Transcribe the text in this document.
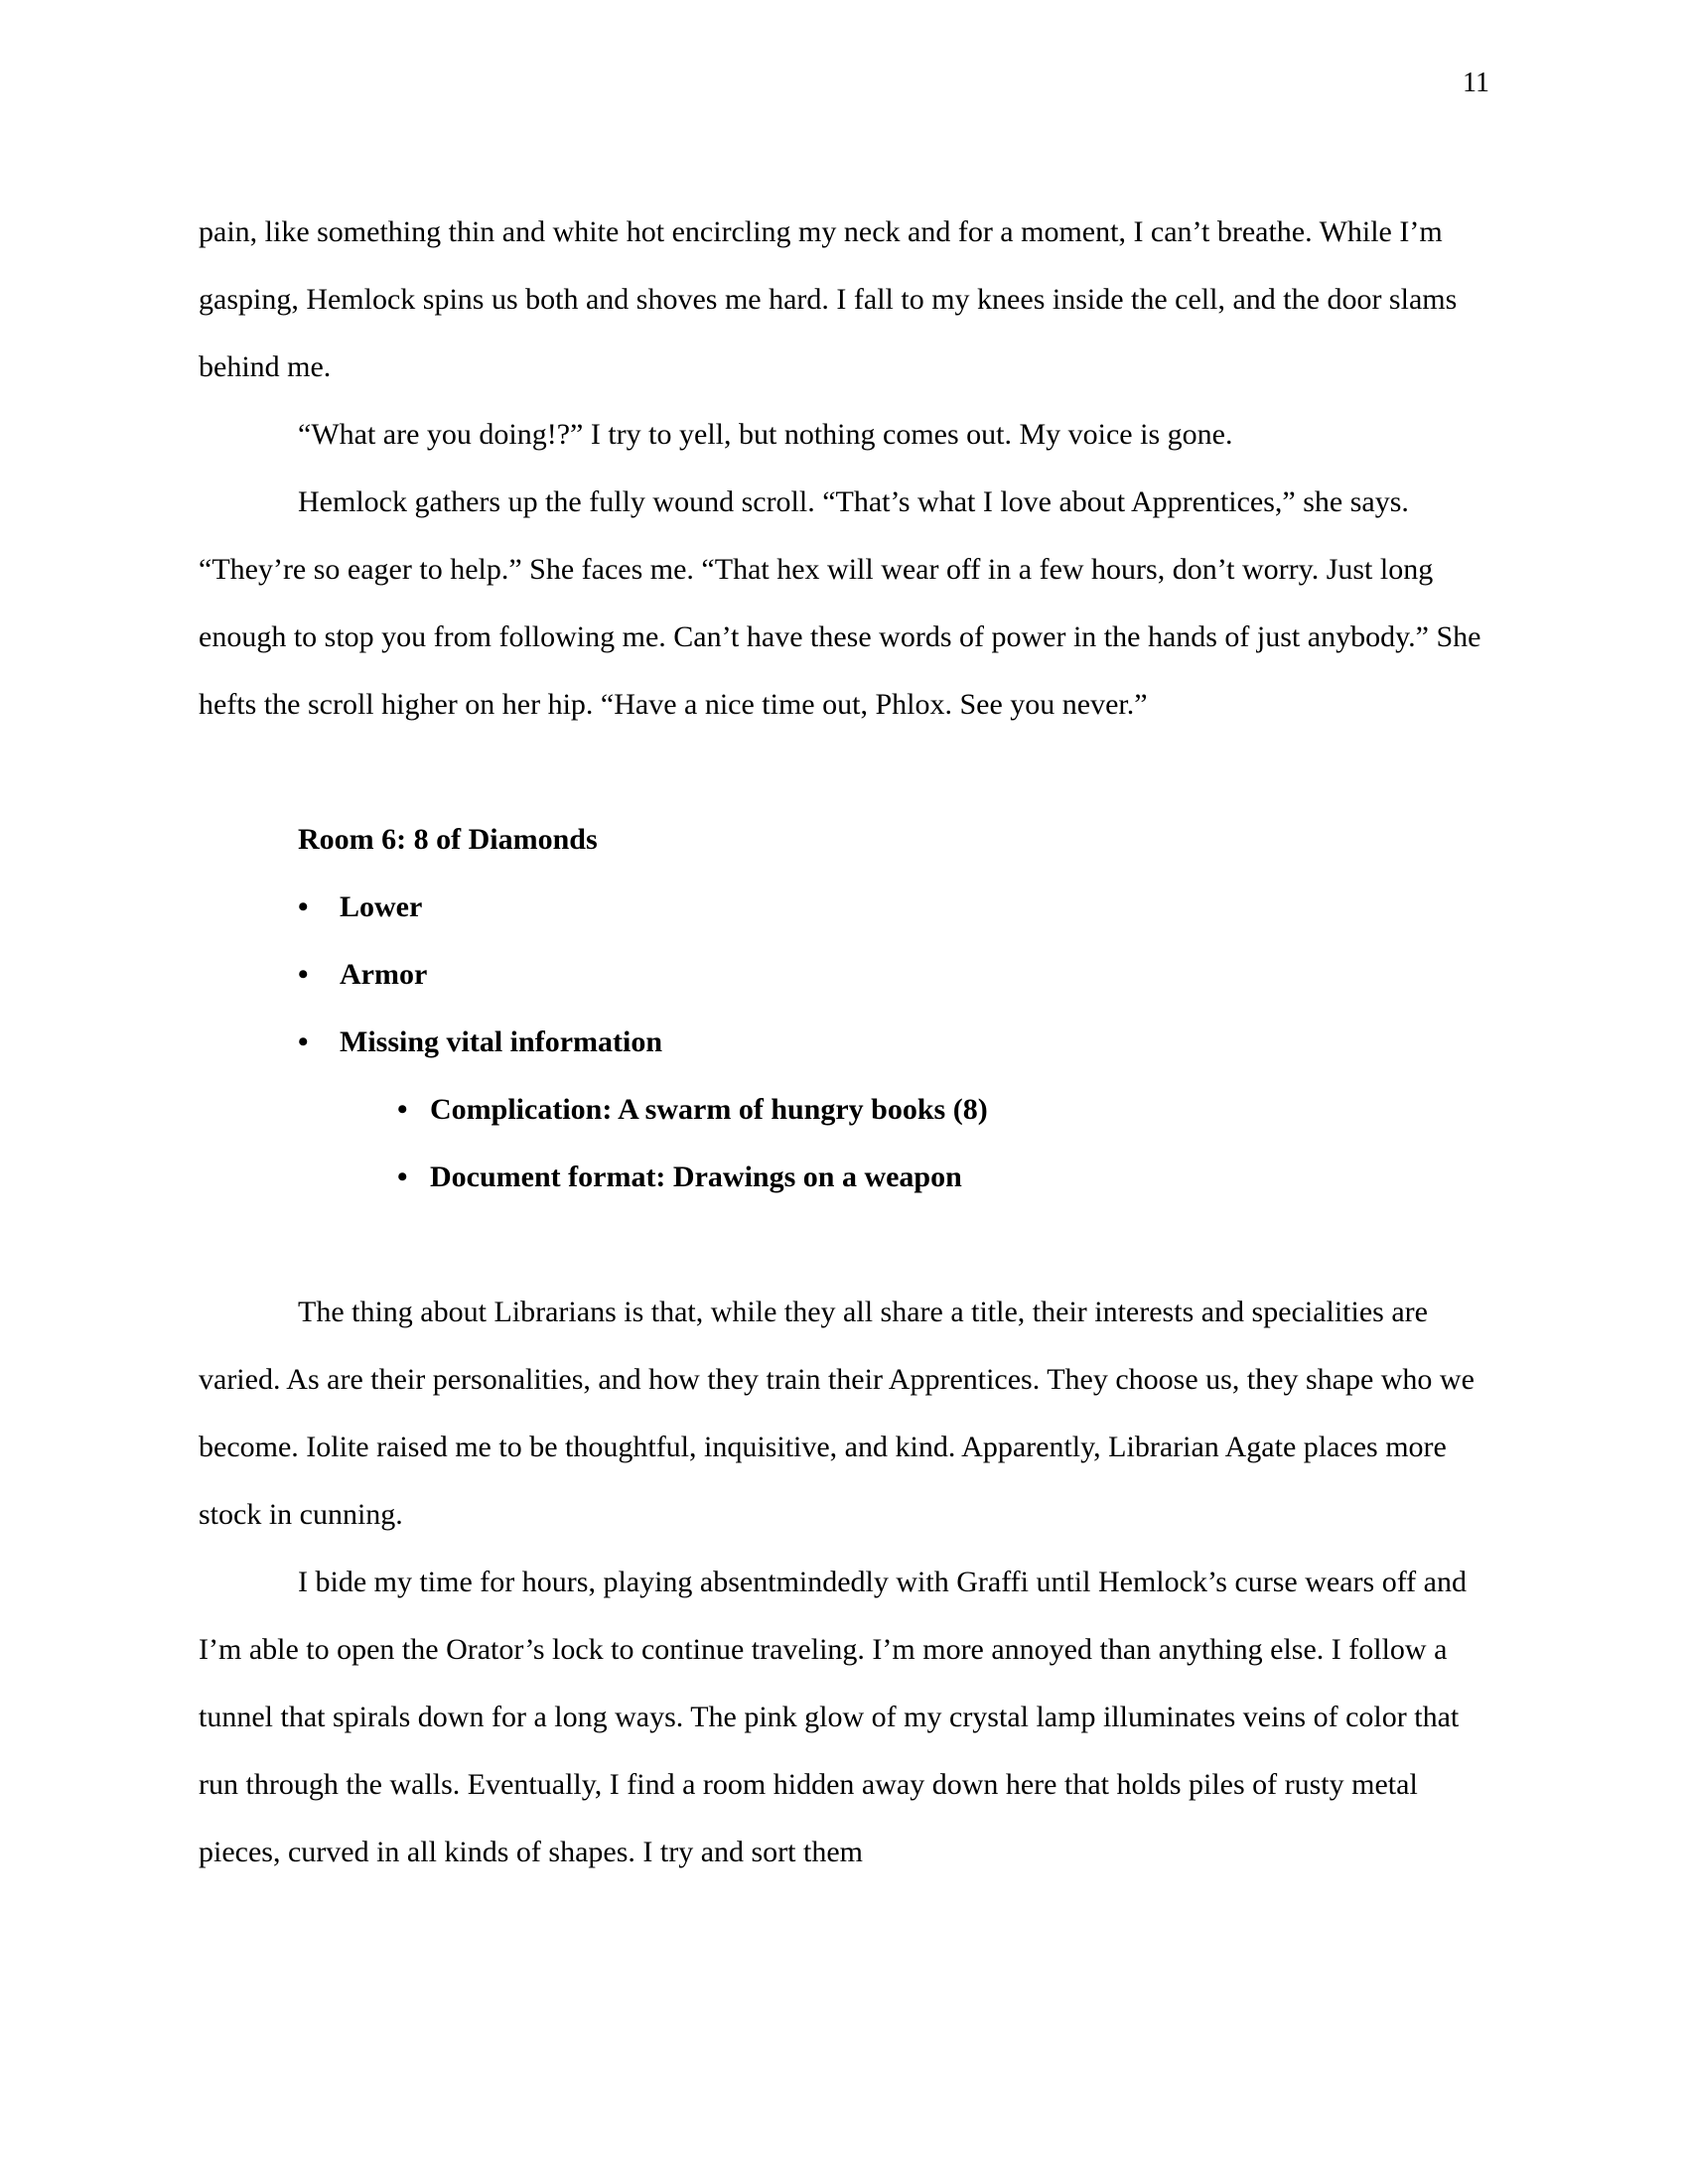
11

pain, like something thin and white hot encircling my neck and for a moment, I can’t breathe. While I’m gasping, Hemlock spins us both and shoves me hard. I fall to my knees inside the cell, and the door slams behind me.

“What are you doing!?” I try to yell, but nothing comes out. My voice is gone.

Hemlock gathers up the fully wound scroll. “That’s what I love about Apprentices,” she says. “They’re so eager to help.” She faces me. “That hex will wear off in a few hours, don’t worry. Just long enough to stop you from following me. Can’t have these words of power in the hands of just anybody.” She hefts the scroll higher on her hip. “Have a nice time out, Phlox. See you never.”

Room 6: 8 of Diamonds

• Lower
• Armor
• Missing vital information
• Complication: A swarm of hungry books (8)
• Document format: Drawings on a weapon

The thing about Librarians is that, while they all share a title, their interests and specialities are varied. As are their personalities, and how they train their Apprentices. They choose us, they shape who we become. Iolite raised me to be thoughtful, inquisitive, and kind. Apparently, Librarian Agate places more stock in cunning.

I bide my time for hours, playing absentmindedly with Graffi until Hemlock’s curse wears off and I’m able to open the Orator’s lock to continue traveling. I’m more annoyed than anything else. I follow a tunnel that spirals down for a long ways. The pink glow of my crystal lamp illuminates veins of color that run through the walls. Eventually, I find a room hidden away down here that holds piles of rusty metal pieces, curved in all kinds of shapes. I try and sort them
